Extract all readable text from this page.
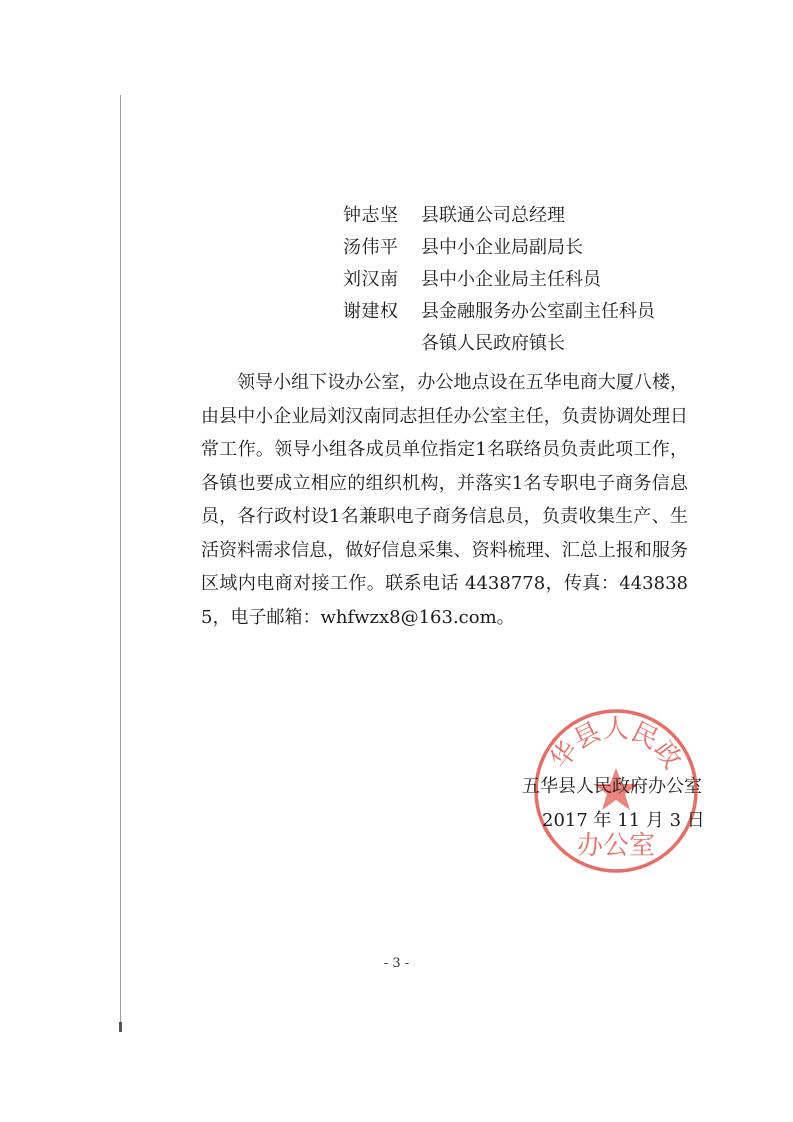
钟志坚	县联通公司总经理
汤伟平	县中小企业局副局长
刘汉南	县中小企业局主任科员
谢建权	县金融服务办公室副主任科员
各镇人民政府镇长

领导小组下设办公室，办公地点设在五华电商大厦八楼，由县中小企业局刘汉南同志担任办公室主任，负责协调处理日常工作。领导小组各成员单位指定1名联络员负责此项工作，各镇也要成立相应的组织机构，并落实1名专职电子商务信息员，各行政村设1名兼职电子商务信息员，负责收集生产、生活资料需求信息，做好信息采集、资料梳理、汇总上报和服务区域内电商对接工作。联系电话 4438778，传真：4438385，电子邮箱：whfwzx8@163.com。

华县人民政
办公室
五华县人民政府办公室
2017 年 11 月 3 日
- 3 -
